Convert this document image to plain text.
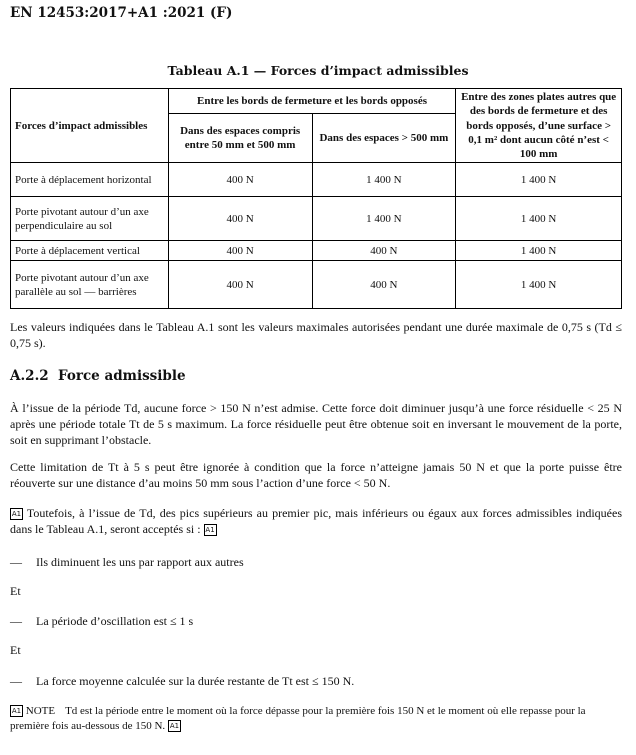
EN 12453:2017+A1 :2021 (F)
Tableau A.1 — Forces d’impact admissibles
Forces d’impact admissibles	Entre les bords de fermeture et les bords opposés		Entre des zones plates autres que des bords de fermeture et des bords opposés, d’une surface > 0,1 m² dont aucun côté n’est < 100 mm
	Dans des espaces compris entre 50 mm et 500 mm	Dans des espaces > 500 mm	
Porte à déplacement horizontal	400 N	1 400 N	1 400 N
Porte pivotant autour d’un axe perpendiculaire au sol	400 N	1 400 N	1 400 N
Porte à déplacement vertical	400 N	400 N	1 400 N
Porte pivotant autour d’un axe parallèle au sol — barrières	400 N	400 N	1 400 N
Les valeurs indiquées dans le Tableau A.1 sont les valeurs maximales autorisées pendant une durée maximale de 0,75 s (Td ≤ 0,75 s).
A.2.2 Force admissible
À l’issue de la période Td, aucune force > 150 N n’est admise. Cette force doit diminuer jusqu’à une force résiduelle < 25 N après une période totale Tt de 5 s maximum. La force résiduelle peut être obtenue soit en inversant le mouvement de la porte, soit en supprimant l’obstacle.
Cette limitation de Tt à 5 s peut être ignorée à condition que la force n’atteigne jamais 50 N et que la porte puisse être réouverte sur une distance d’au moins 50 mm sous l’action d’une force < 50 N.
A1 Toutefois, à l’issue de Td, des pics supérieurs au premier pic, mais inférieurs ou égaux aux forces admissibles indiquées dans le Tableau A.1, seront acceptés si : A1
— Ils diminuent les uns par rapport aux autres
Et
— La période d’oscillation est ≤ 1 s
Et
— La force moyenne calculée sur la durée restante de Tt est ≤ 150 N.
A1 NOTE Td est la période entre le moment où la force dépasse pour la première fois 150 N et le moment où elle repasse pour la première fois au-dessous de 150 N. A1
